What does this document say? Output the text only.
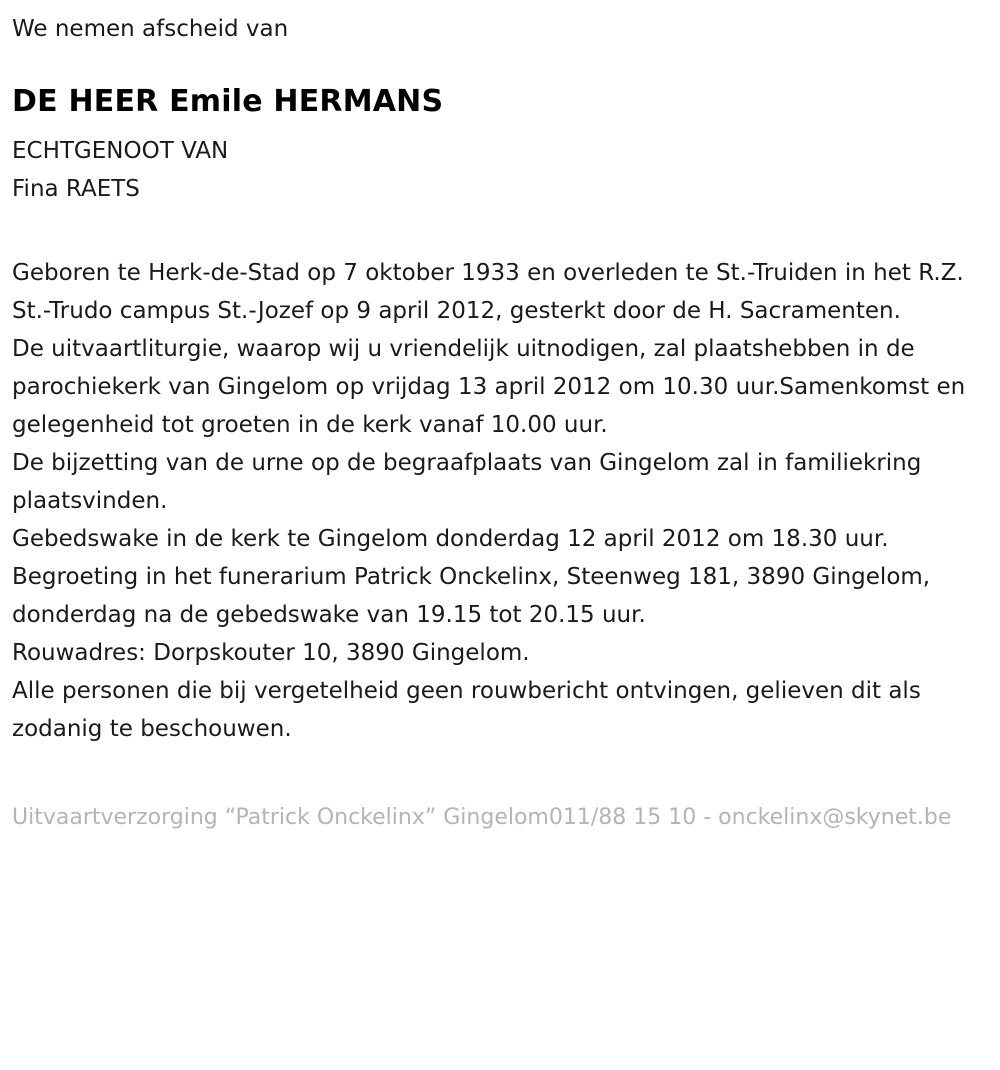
We nemen afscheid van

DE HEER Emile HERMANS

ECHTGENOOT VAN

Fina RAETS

Geboren te Herk-de-Stad op 7 oktober 1933 en overleden te St.-Truiden in het R.Z. St.-Trudo campus St.-Jozef op 9 april 2012, gesterkt door de H. Sacramenten.

De uitvaartliturgie, waarop wij u vriendelijk uitnodigen, zal plaatshebben in de parochiekerk van Gingelom op vrijdag 13 april 2012 om 10.30 uur.Samenkomst en gelegenheid tot groeten in de kerk vanaf 10.00 uur.

De bijzetting van de urne op de begraafplaats van Gingelom zal in familiekring plaatsvinden.

Gebedswake in de kerk te Gingelom donderdag 12 april 2012 om 18.30 uur.

Begroeting in het funerarium Patrick Onckelinx, Steenweg 181, 3890 Gingelom, donderdag na de gebedswake van 19.15 tot 20.15 uur.

Rouwadres: Dorpskouter 10, 3890 Gingelom.

Alle personen die bij vergetelheid geen rouwbericht ontvingen, gelieven dit als zodanig te beschouwen.

Uitvaartverzorging “Patrick Onckelinx” Gingelom011/88 15 10 - onckelinx@skynet.be
